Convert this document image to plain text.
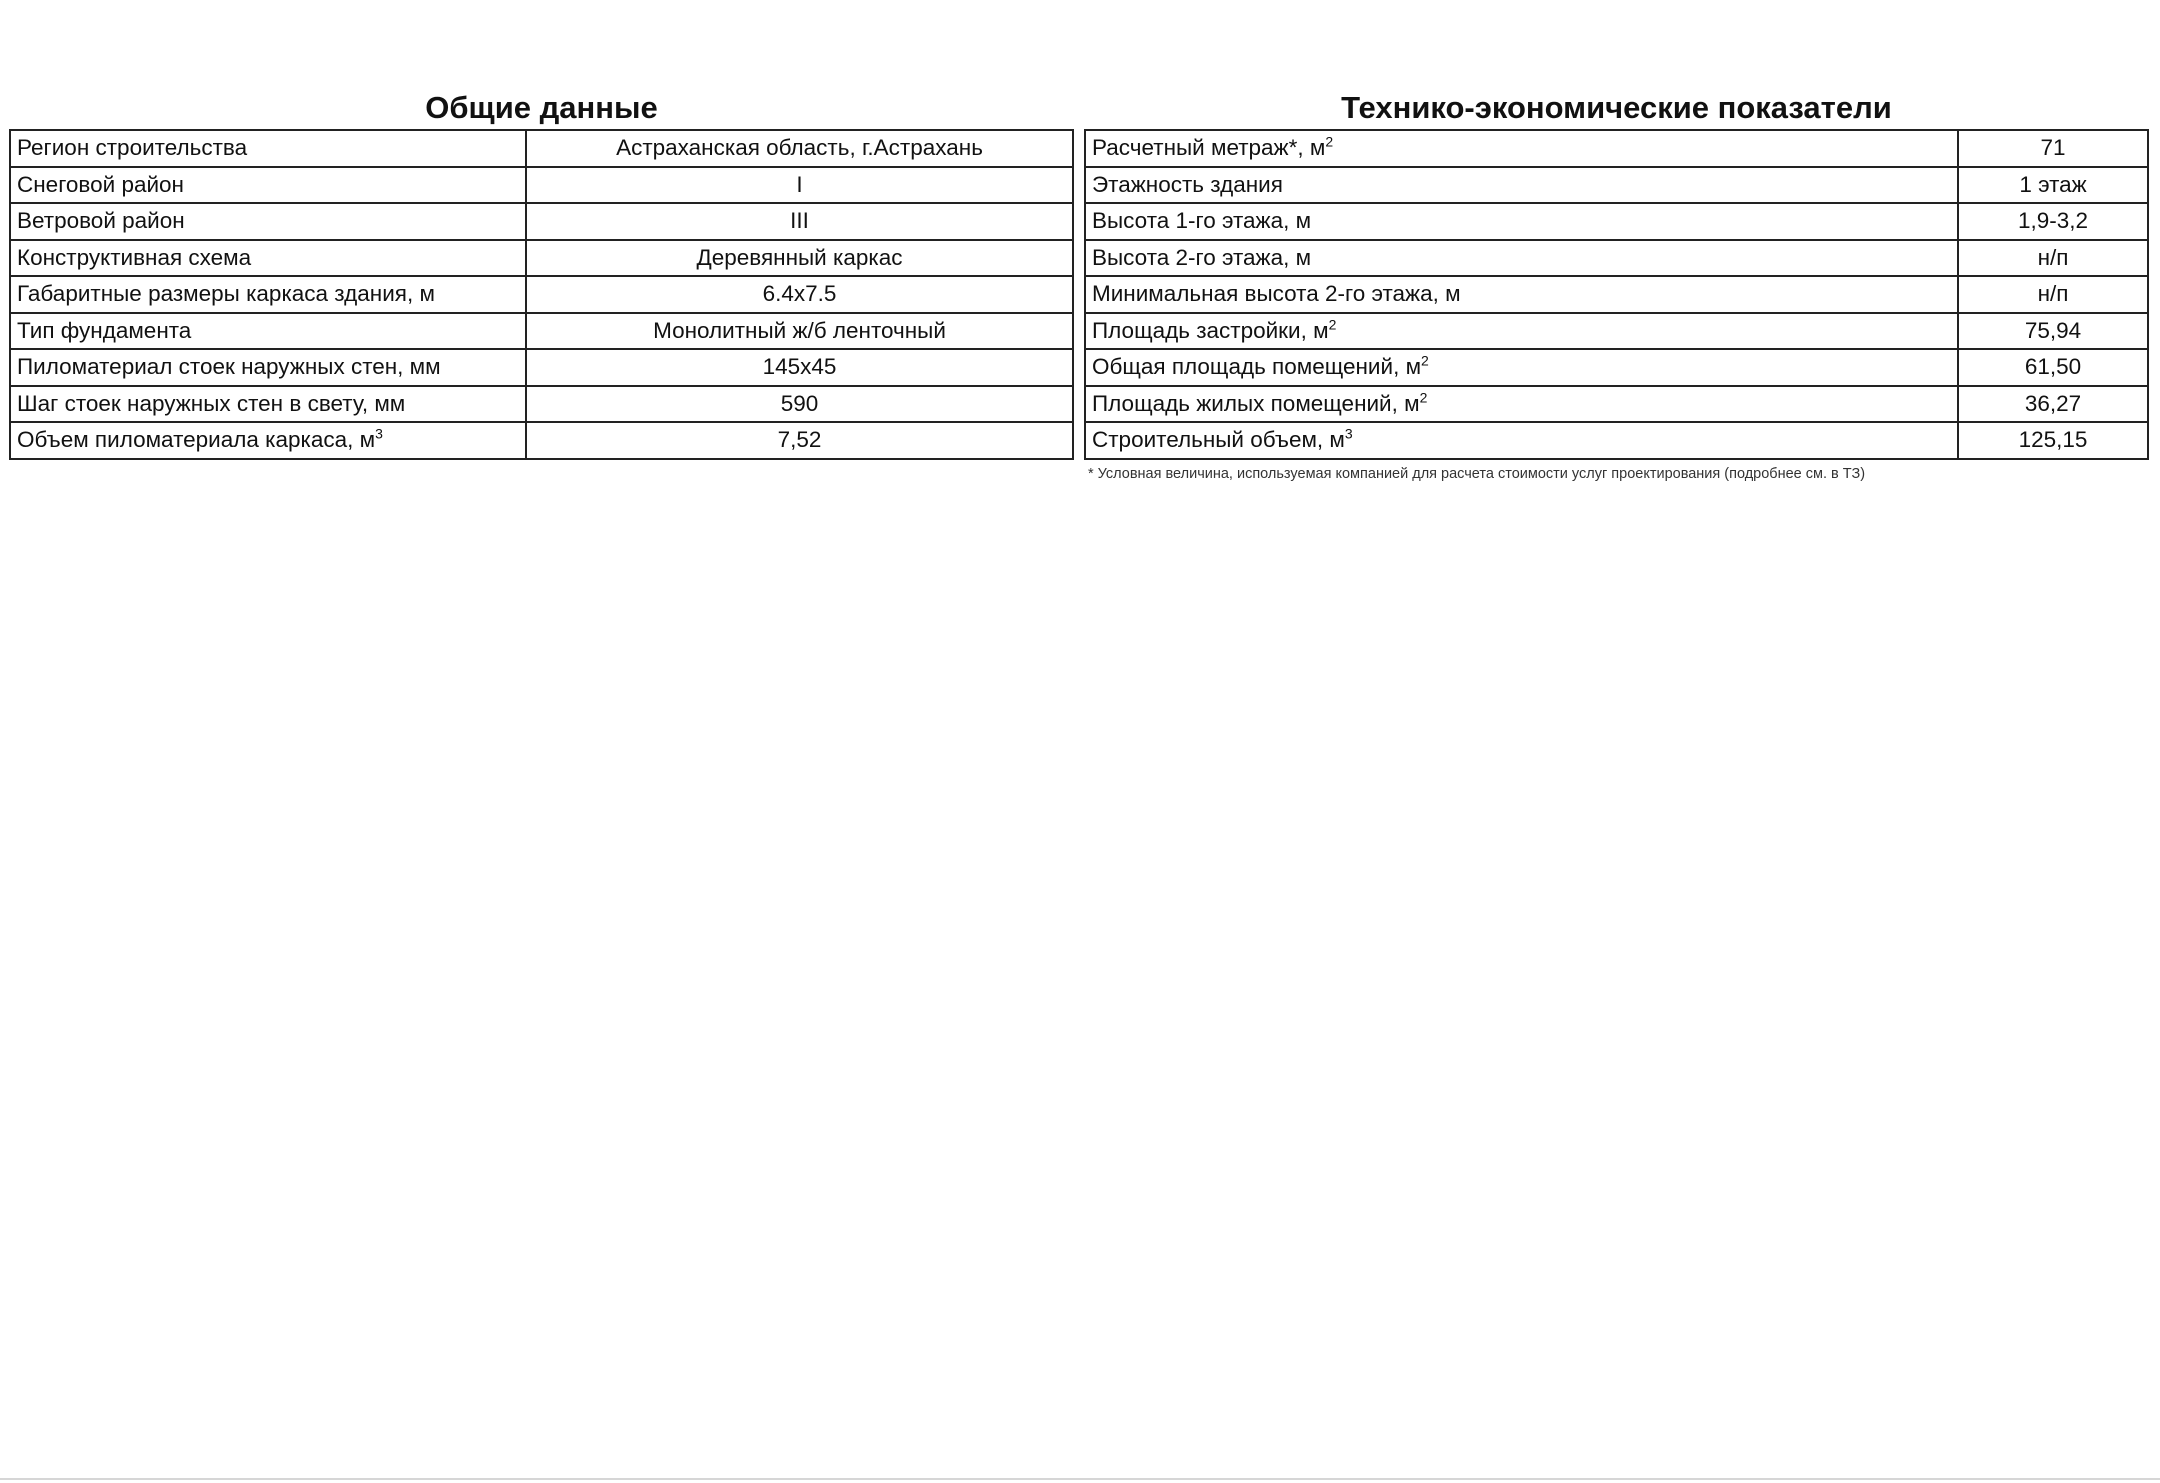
Общие данные
Регион строительства	Астраханская область, г.Астрахань
Снеговой район	I
Ветровой район	III
Конструктивная схема	Деревянный каркас
Габаритные размеры каркаса здания, м	6.4x7.5
Тип фундамента	Монолитный ж/б ленточный
Пиломатериал стоек наружных стен, мм	145x45
Шаг стоек наружных стен в свету, мм	590
Объем пиломатериала каркаса, $м^3$	7,52
Технико-экономические показатели
Расчетный метраж*, $м^2$	71
Этажность здания	1 этаж
Высота 1-го этажа, м	1,9-3,2
Высота 2-го этажа, м	н/п
Минимальная высота 2-го этажа, м	н/п
Площадь застройки, $м^2$	75,94
Общая площадь помещений, $м^2$	61,50
Площадь жилых помещений, $м^2$	36,27
Строительный объем, $м^3$	125,15
* Условная величина, используемая компанией для расчета стоимости услуг проектирования (подробнее см. в ТЗ)
